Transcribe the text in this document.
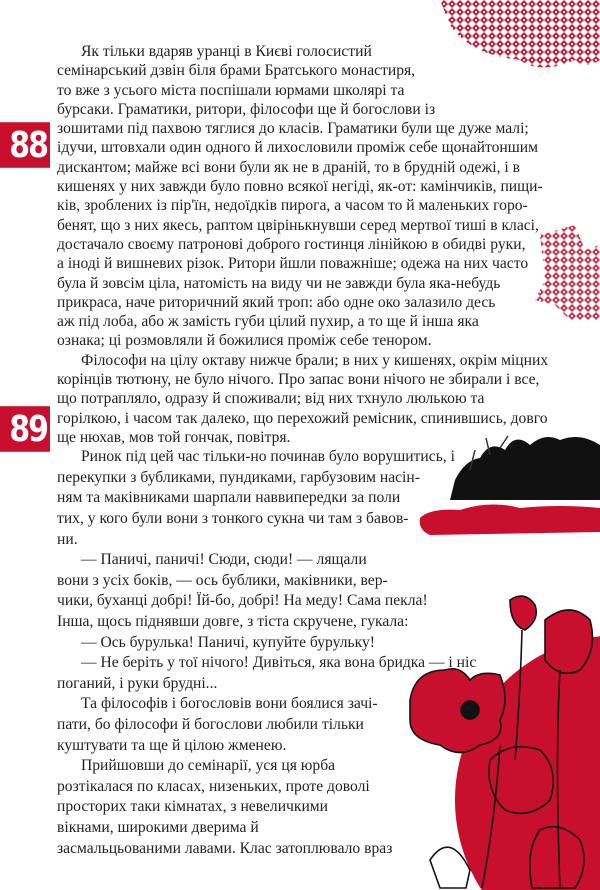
88
89
Як тільки вдаряв уранці в Києві голосистий
семінарський дзвін біля брами Братського монастиря,
то вже з усього міста поспішали юрмами школярі та
бурсаки. Граматики, ритори, філософи ще й богослови із
зошитами під пахвою тяглися до класів. Граматики були ще дуже малі;
ідучи, штовхали один одного й лихословили проміж себе щонайтоншим
дискантом; майже всі вони були як не в драній, то в брудній одежі, і в
кишенях у них завжди було повно всякої негіді, як-от: камінчиків, пищи-
ків, зроблених із пір'їн, недоїдків пирога, а часом то й маленьких горо-
бенят, що з них якесь, раптом цвірінькнувши серед мертвої тиші в класі,
достачало своєму патронові доброго гостинця лінійкою в обидві руки,
а іноді й вишневих різок. Ритори йшли поважніше; одежа на них часто
була й зовсім ціла, натомість на виду чи не завжди була яка-небудь
прикраса, наче риторичний який троп: або одне око залазило десь
аж під лоба, або ж замість губи цілий пухир, а то ще й інша яка
ознака; ці розмовляли й божилися проміж себе тенором.
Філософи на цілу октаву нижче брали; в них у кишенях, окрім міцних
корінців тютюну, не було нічого. Про запас вони нічого не збирали і все,
що потрапляло, одразу й споживали; від них тхнуло люлькою та
горілкою, і часом так далеко, що перехожий ремісник, спинившись, довго
ще нюхав, мов той гончак, повітря.
Ринок під цей час тільки-но починав було ворушитись, і
перекупки з бубликами, пундиками, гарбузовим насін-
ням та маківниками шарпали наввипередки за поли
тих, у кого були вони з тонкого сукна чи там з бавов-
ни.
— Паничі, паничі! Сюди, сюди! — лящали
вони з усіх боків, — ось бублики, маківники, вер-
чики, буханці добрі! Їй-бо, добрі! На меду! Сама пекла!
Інша, щось піднявши довге, з тіста скручене, гукала:
— Ось бурулька! Паничі, купуйте бурульку!
— Не беріть у тої нічого! Дивіться, яка вона бридка — і ніс
поганий, і руки брудні...
Та філософів і богословів вони боялися зачі-
пати, бо філософи й богослови любили тільки
куштувати та ще й цілою жменею.
Прийшовши до семінарії, уся ця юрба
розтікалася по класах, низеньких, проте доволі
просторих таки кімнатах, з невеличкими
вікнами, широкими дверима й
засмальцьованими лавами. Клас затоплювало враз
